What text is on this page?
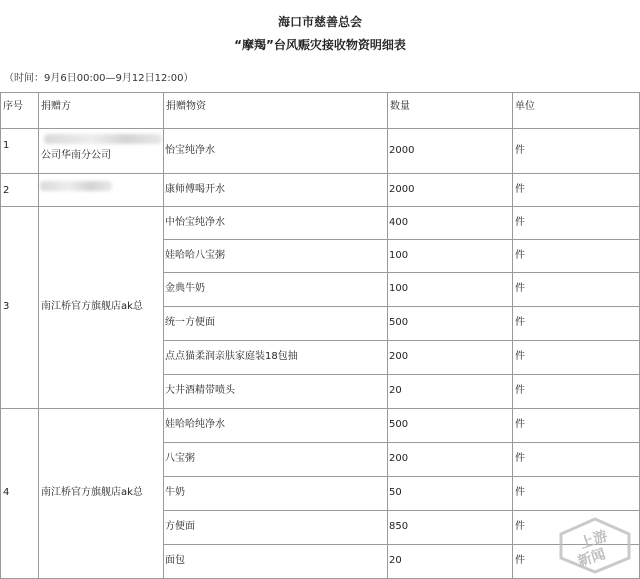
海口市慈善总会
“摩羯”台风赈灾接收物资明细表
（时间：9月6日00:00—9月12日12:00）
序号 捐赠方	捐赠物资	数量	单位
1
公司华南分公司	怡宝纯净水	2000	件
2	康师傅喝开水	2000	件
3	南江桥官方旗舰店ak总
中怡宝纯净水	400	件
娃哈哈八宝粥	100	件
金典牛奶	100	件
统一方便面	500	件
点点猫柔润亲肤家庭装18包抽	200	件
大井酒精带喷头	20	件
4	南江桥官方旗舰店ak总
娃哈哈纯净水	500	件
八宝粥	200	件
牛奶	50	件
方便面	850	件
面包	20	件
上游
新闻
